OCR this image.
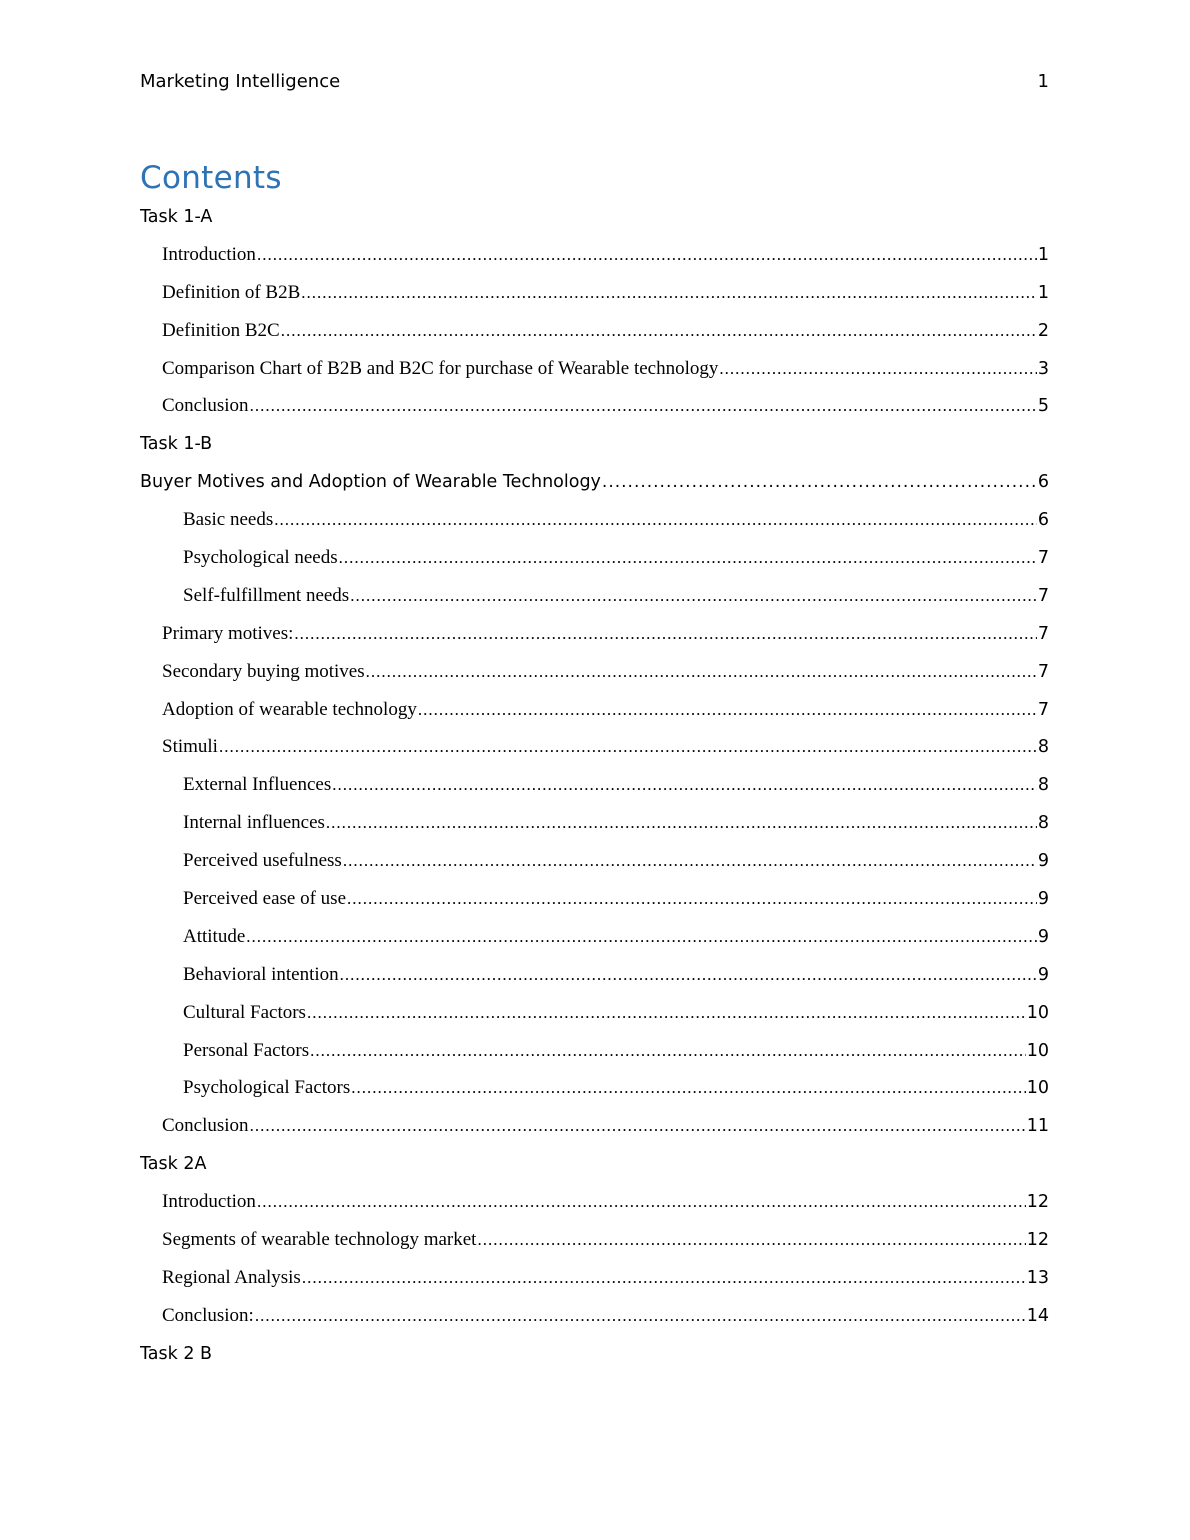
Marketing Intelligence	1
Contents
Task 1-A
Introduction .....	1
Definition of B2B .....	1
Definition B2C .....	2
Comparison Chart of B2B and B2C for purchase of Wearable technology .....	3
Conclusion .....	5
Task 1-B
Buyer Motives and Adoption of Wearable Technology .....	6
Basic needs .....	6
Psychological needs .....	7
Self-fulfillment needs .....	7
Primary motives: .....	7
Secondary buying motives .....	7
Adoption of wearable technology .....	7
Stimuli .....	8
External Influences .....	8
Internal influences .....	8
Perceived usefulness .....	9
Perceived ease of use .....	9
Attitude .....	9
Behavioral intention .....	9
Cultural Factors .....	10
Personal Factors .....	10
Psychological Factors .....	10
Conclusion .....	11
Task 2A
Introduction .....	12
Segments of wearable technology market .....	12
Regional Analysis .....	13
Conclusion: .....	14
Task 2 B
